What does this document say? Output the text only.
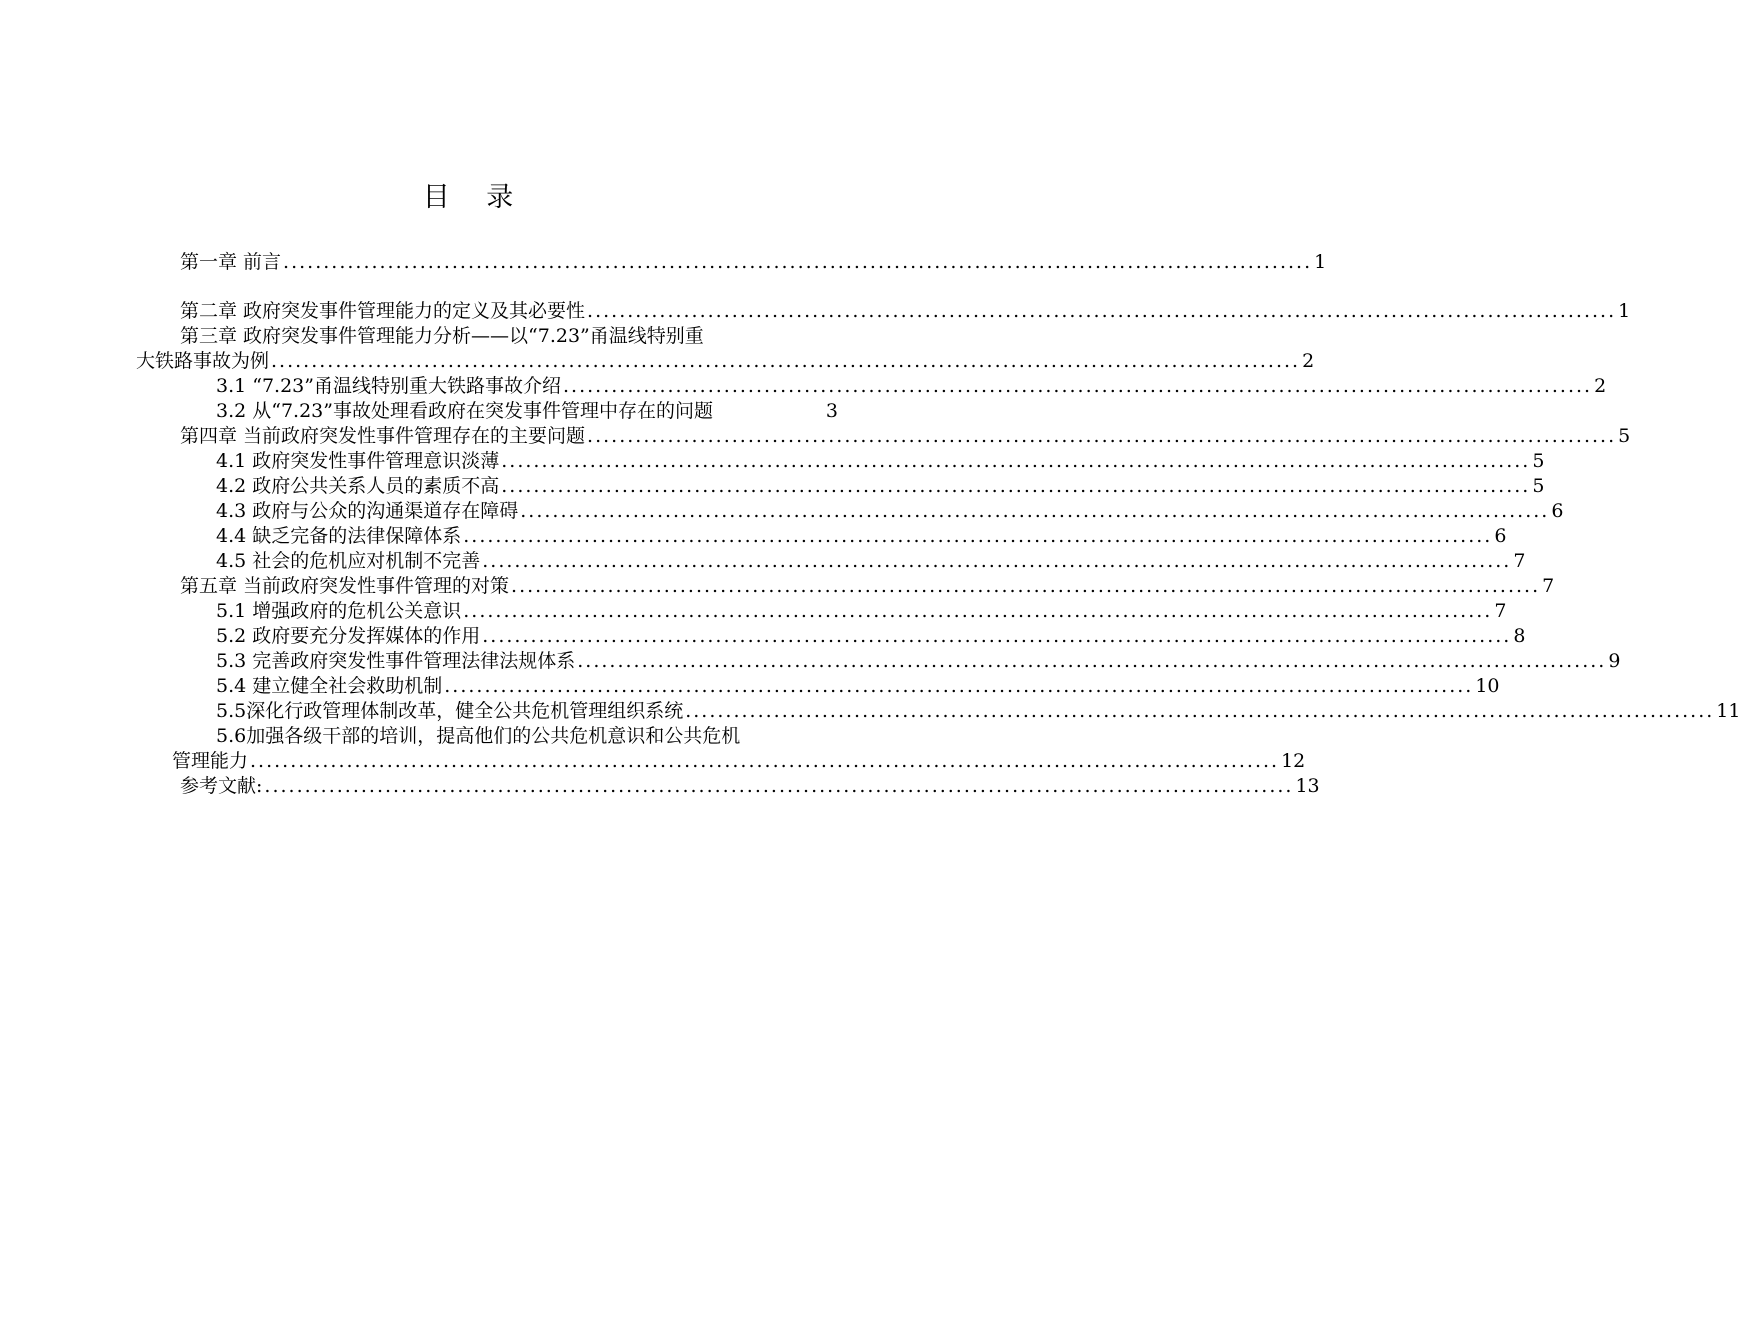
目 录
第一章 前言 ................................................................................................................................ 1
第二章 政府突发事件管理能力的定义及其必要性 ................................................................................................................................ 1
第三章 政府突发事件管理能力分析——以“7.23”甬温线特别重
大铁路事故为例 ................................................................................................................................ 2
3.1 “7.23”甬温线特别重大铁路事故介绍 ................................................................................................................................ 2
3.2 从“7.23”事故处理看政府在突发事件管理中存在的问题	3
第四章 当前政府突发性事件管理存在的主要问题 ................................................................................................................................ 5
4.1 政府突发性事件管理意识淡薄 ................................................................................................................................ 5
4.2 政府公共关系人员的素质不高 ................................................................................................................................ 5
4.3 政府与公众的沟通渠道存在障碍 ................................................................................................................................ 6
4.4 缺乏完备的法律保障体系 ................................................................................................................................ 6
4.5 社会的危机应对机制不完善 ................................................................................................................................ 7
第五章 当前政府突发性事件管理的对策 ................................................................................................................................ 7
5.1 增强政府的危机公关意识 ................................................................................................................................ 7
5.2 政府要充分发挥媒体的作用 ................................................................................................................................ 8
5.3 完善政府突发性事件管理法律法规体系 ................................................................................................................................ 9
5.4 建立健全社会救助机制 ................................................................................................................................ 10
5.5深化行政管理体制改革，健全公共危机管理组织系统 ................................................................................................................................ 11
5.6加强各级干部的培训，提高他们的公共危机意识和公共危机
管理能力 ................................................................................................................................ 12
参考文献: ................................................................................................................................ 13
